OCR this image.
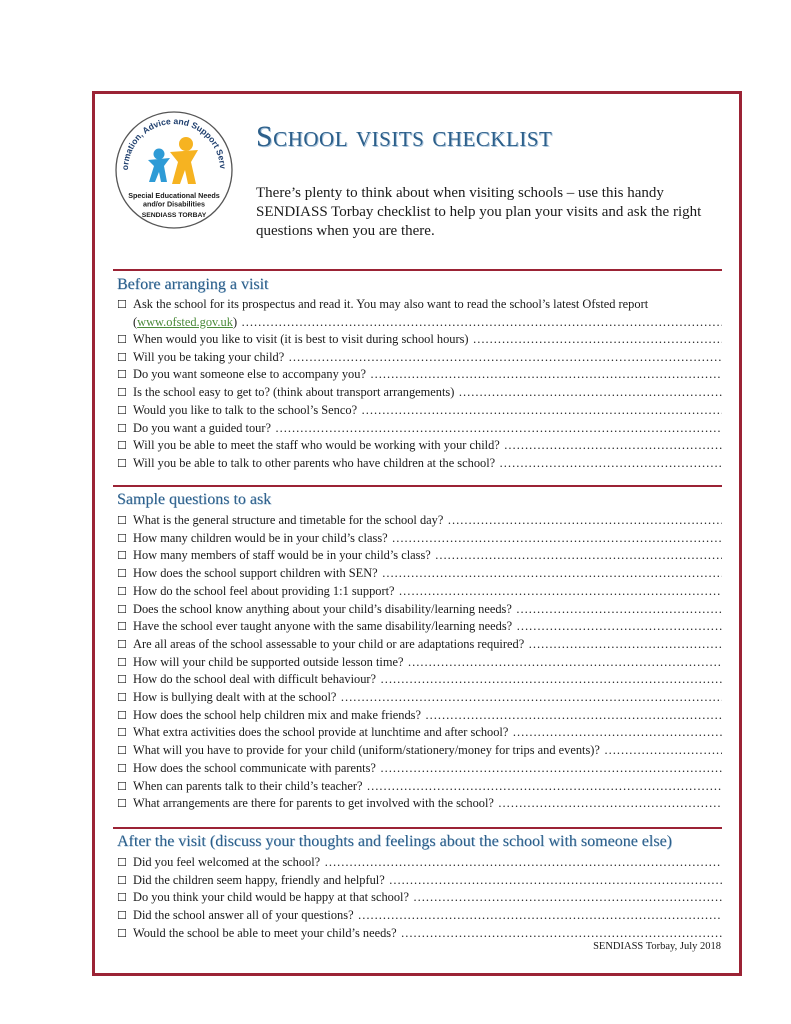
ormation, Advice and Support Serv
Special Educational Needs
and/or Disabilities
SENDIASS TORBAY
School visits checklist
There’s plenty to think about when visiting schools – use this handy SENDIASS Torbay checklist to help you plan your visits and ask the right questions when you are there.
Before arranging a visit
☐ Ask the school for its prospectus and read it. You may also want to read the school’s latest Ofsted report
(www.ofsted.gov.uk)
…………………………………………………………………………………………………………………………………………………………
☐ When would you like to visit (it is best to visit during school hours)
…………………………………………………………………………………………………………………………………………………………
☐ Will you be taking your child?
…………………………………………………………………………………………………………………………………………………………
☐ Do you want someone else to accompany you?
…………………………………………………………………………………………………………………………………………………………
☐ Is the school easy to get to? (think about transport arrangements)
…………………………………………………………………………………………………………………………………………………………
☐ Would you like to talk to the school’s Senco?
…………………………………………………………………………………………………………………………………………………………
☐ Do you want a guided tour?
…………………………………………………………………………………………………………………………………………………………
☐ Will you be able to meet the staff who would be working with your child?
…………………………………………………………………………………………………………………………………………………………
☐ Will you be able to talk to other parents who have children at the school?
…………………………………………………………………………………………………………………………………………………………
Sample questions to ask
☐ What is the general structure and timetable for the school day?
…………………………………………………………………………………………………………………………………………………………
☐ How many children would be in your child’s class?
…………………………………………………………………………………………………………………………………………………………
☐ How many members of staff would be in your child’s class?
…………………………………………………………………………………………………………………………………………………………
☐ How does the school support children with SEN?
…………………………………………………………………………………………………………………………………………………………
☐ How do the school feel about providing 1:1 support?
…………………………………………………………………………………………………………………………………………………………
☐ Does the school know anything about your child’s disability/learning needs?
…………………………………………………………………………………………………………………………………………………………
☐ Have the school ever taught anyone with the same disability/learning needs?
…………………………………………………………………………………………………………………………………………………………
☐ Are all areas of the school assessable to your child or are adaptations required?
…………………………………………………………………………………………………………………………………………………………
☐ How will your child be supported outside lesson time?
…………………………………………………………………………………………………………………………………………………………
☐ How do the school deal with difficult behaviour?
…………………………………………………………………………………………………………………………………………………………
☐ How is bullying dealt with at the school?
…………………………………………………………………………………………………………………………………………………………
☐ How does the school help children mix and make friends?
…………………………………………………………………………………………………………………………………………………………
☐ What extra activities does the school provide at lunchtime and after school?
…………………………………………………………………………………………………………………………………………………………
☐ What will you have to provide for your child (uniform/stationery/money for trips and events)?
…………………………………………………………………………………………………………………………………………………………
☐ How does the school communicate with parents?
…………………………………………………………………………………………………………………………………………………………
☐ When can parents talk to their child’s teacher?
…………………………………………………………………………………………………………………………………………………………
☐ What arrangements are there for parents to get involved with the school?
…………………………………………………………………………………………………………………………………………………………
After the visit (discuss your thoughts and feelings about the school with someone else)
☐ Did you feel welcomed at the school?
…………………………………………………………………………………………………………………………………………………………
☐ Did the children seem happy, friendly and helpful?
…………………………………………………………………………………………………………………………………………………………
☐ Do you think your child would be happy at that school?
…………………………………………………………………………………………………………………………………………………………
☐ Did the school answer all of your questions?
…………………………………………………………………………………………………………………………………………………………
☐ Would the school be able to meet your child’s needs?
…………………………………………………………………………………………………………………………………………………………
SENDIASS Torbay, July 2018
